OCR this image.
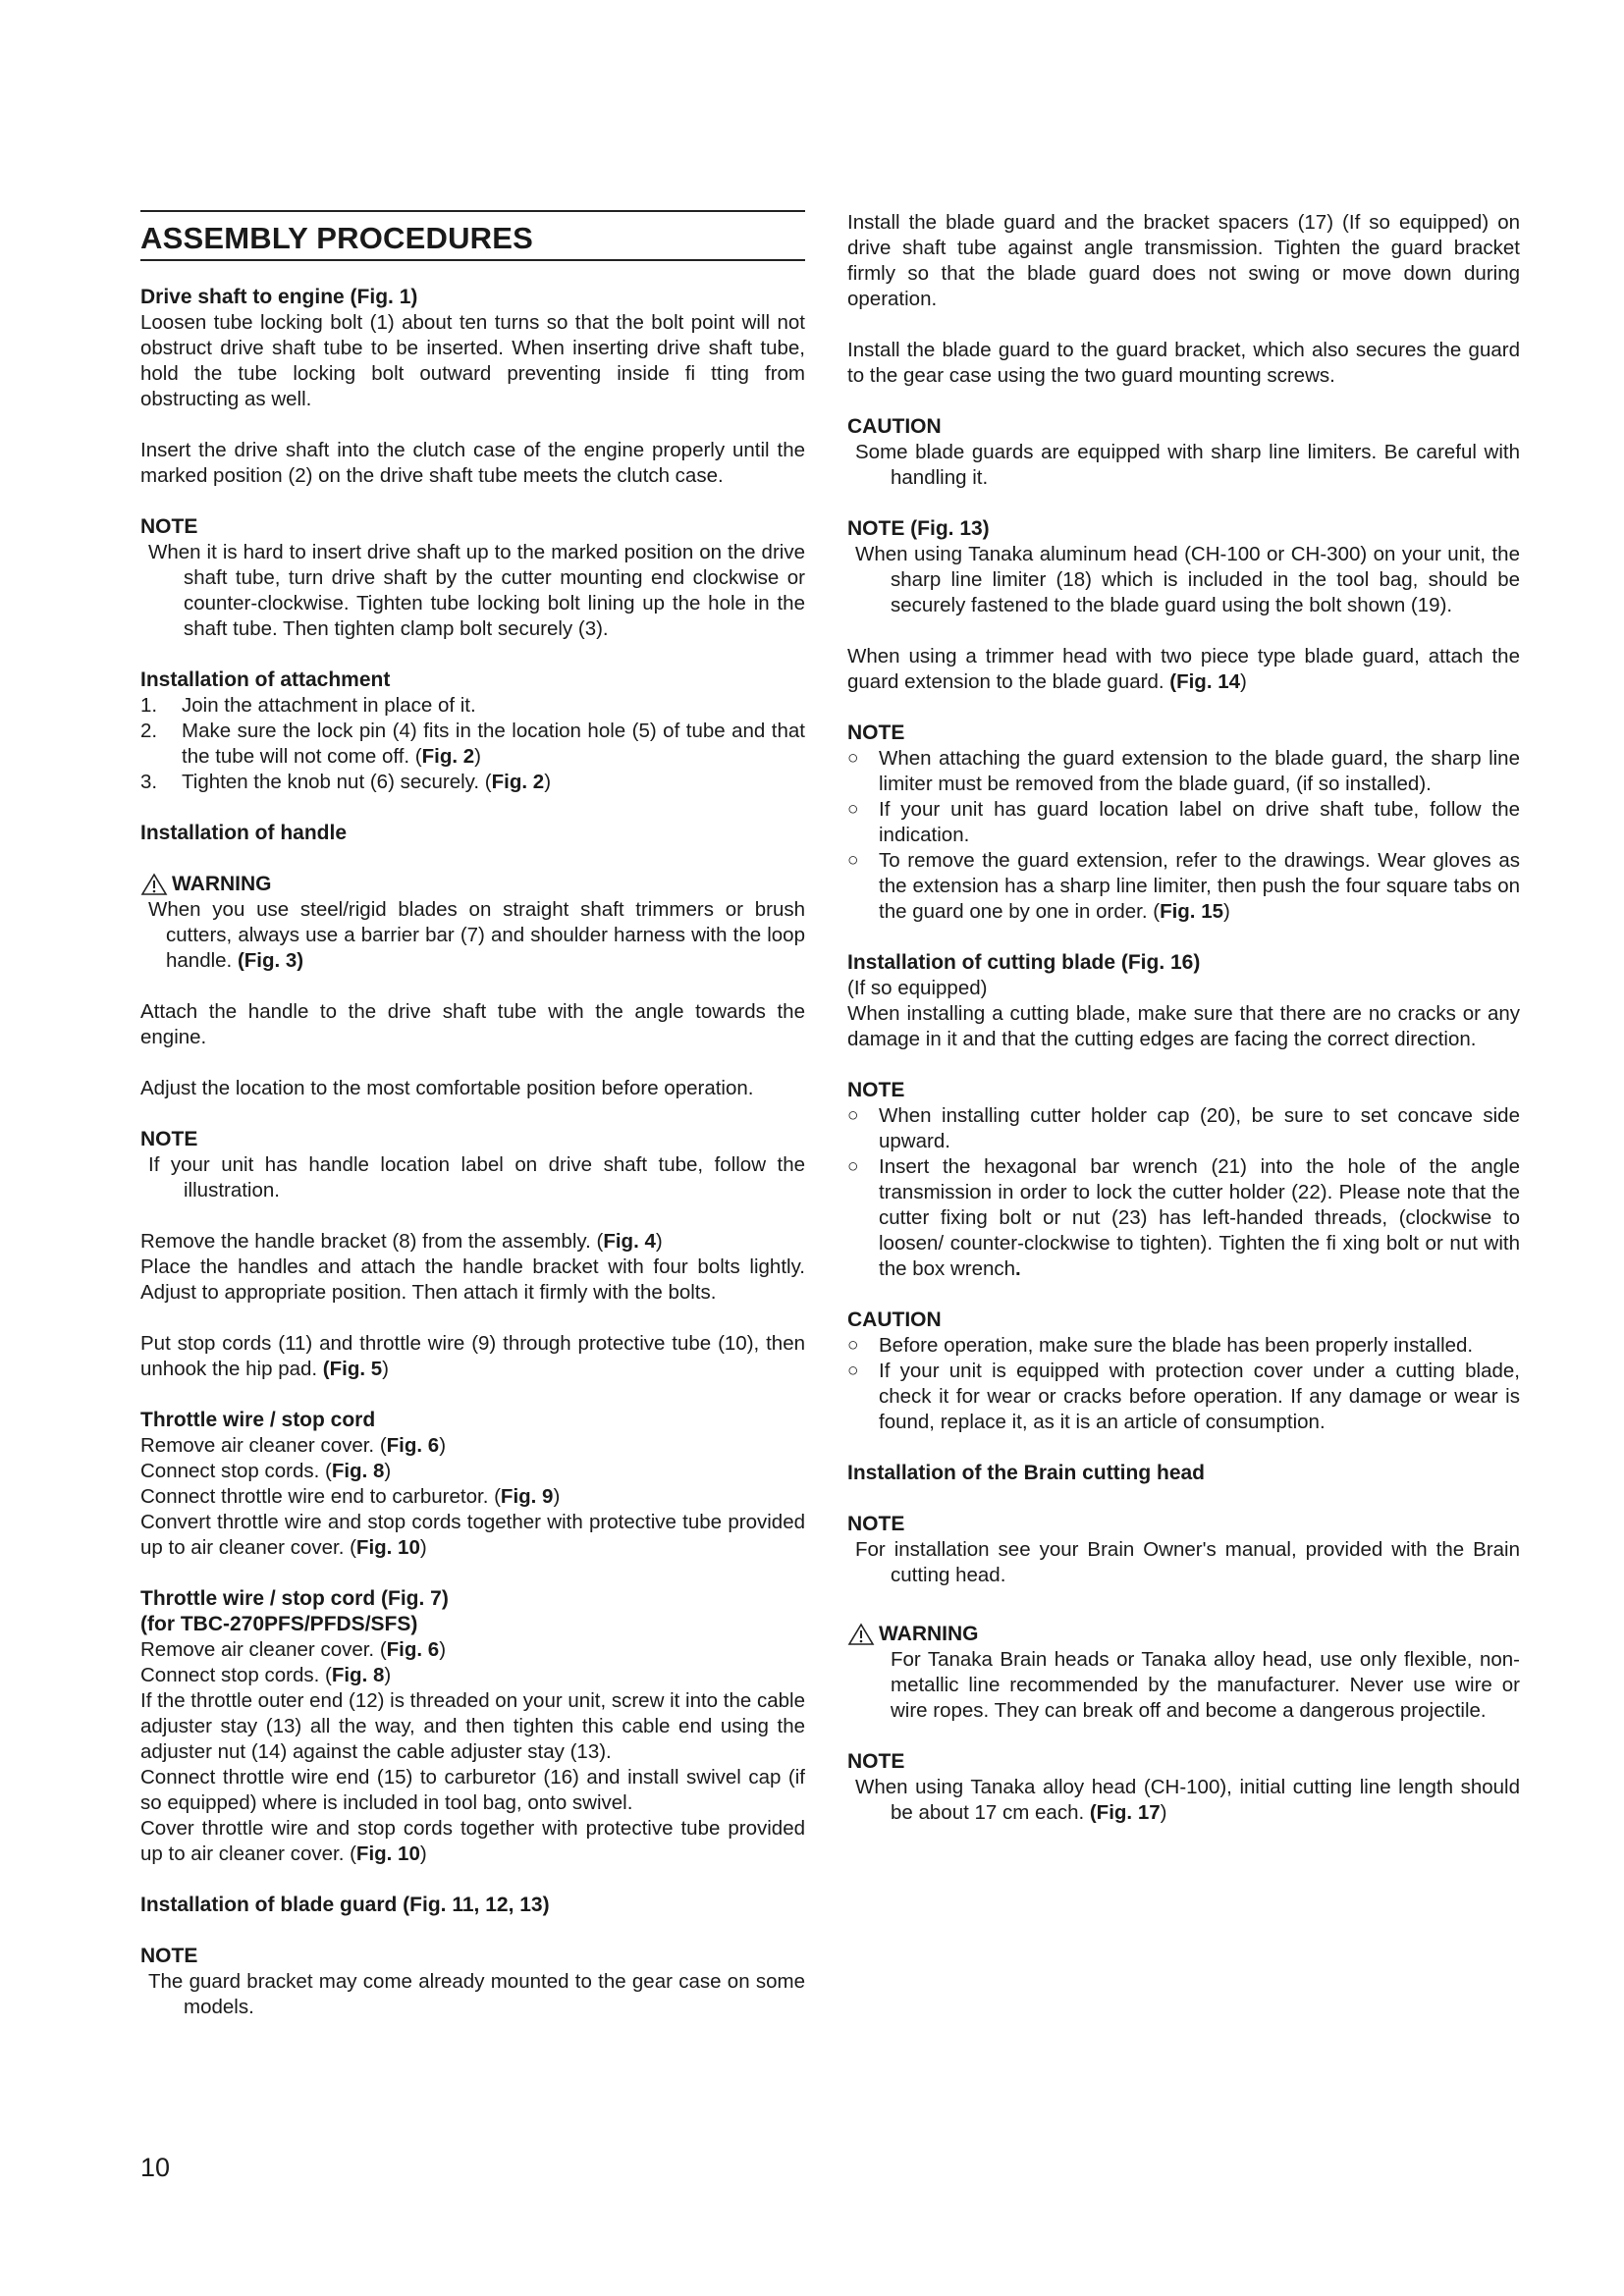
ASSEMBLY PROCEDURES
Drive shaft to engine (Fig. 1)
Loosen tube locking bolt (1) about ten turns so that the bolt point will not obstruct drive shaft tube to be inserted. When inserting drive shaft tube, hold the tube locking bolt outward preventing inside fi tting from obstructing as well.
Insert the drive shaft into the clutch case of the engine properly until the marked position (2) on the drive shaft tube meets the clutch case.
NOTE
When it is hard to insert drive shaft up to the marked position on the drive shaft tube, turn drive shaft by the cutter mounting end clockwise or counter-clockwise. Tighten tube locking bolt lining up the hole in the shaft tube. Then tighten clamp bolt securely (3).
Installation of attachment
1.	Join the attachment in place of it.
2.	Make sure the lock pin (4) fits in the location hole (5) of tube and that the tube will not come off. (Fig. 2)
3.	Tighten the knob nut (6) securely. (Fig. 2)
Installation of handle
WARNING
When you use steel/rigid blades on straight shaft trimmers or brush cutters, always use a barrier bar (7) and shoulder harness with the loop handle. (Fig. 3)
Attach the handle to the drive shaft tube with the angle towards the engine.
Adjust the location to the most comfortable position before operation.
NOTE
If your unit has handle location label on drive shaft tube, follow the illustration.
Remove the handle bracket (8) from the assembly. (Fig. 4)
Place the handles and attach the handle bracket with four bolts lightly. Adjust to appropriate position. Then attach it firmly with the bolts.
Put stop cords (11) and throttle wire (9) through protective tube (10), then unhook the hip pad. (Fig. 5)
Throttle wire / stop cord
Remove air cleaner cover. (Fig. 6)
Connect stop cords. (Fig. 8)
Connect throttle wire end to carburetor. (Fig. 9)
Convert throttle wire and stop cords together with protective tube provided up to air cleaner cover. (Fig. 10)
Throttle wire / stop cord (Fig. 7)
(for TBC-270PFS/PFDS/SFS)
Remove air cleaner cover. (Fig. 6)
Connect stop cords. (Fig. 8)
If the throttle outer end (12) is threaded on your unit, screw it into the cable adjuster stay (13) all the way, and then tighten this cable end using the adjuster nut (14) against the cable adjuster stay (13).
Connect throttle wire end (15) to carburetor (16) and install swivel cap (if so equipped) where is included in tool bag, onto swivel.
Cover throttle wire and stop cords together with protective tube provided up to air cleaner cover. (Fig. 10)
Installation of blade guard (Fig. 11, 12, 13)
NOTE
The guard bracket may come already mounted to the gear case on some models.
Install the blade guard and the bracket spacers (17) (If so equipped) on drive shaft tube against angle transmission. Tighten the guard bracket firmly so that the blade guard does not swing or move down during operation.
Install the blade guard to the guard bracket, which also secures the guard to the gear case using the two guard mounting screws.
CAUTION
Some blade guards are equipped with sharp line limiters. Be careful with handling it.
NOTE (Fig. 13)
When using Tanaka aluminum head (CH-100 or CH-300) on your unit, the sharp line limiter (18) which is included in the tool bag, should be securely fastened to the blade guard using the bolt shown (19).
When using a trimmer head with two piece type blade guard, attach the guard extension to the blade guard. (Fig. 14)
NOTE
○	When attaching the guard extension to the blade guard, the sharp line limiter must be removed from the blade guard, (if so installed).
○	If your unit has guard location label on drive shaft tube, follow the indication.
○	To remove the guard extension, refer to the drawings. Wear gloves as the extension has a sharp line limiter, then push the four square tabs on the guard one by one in order. (Fig. 15)
Installation of cutting blade (Fig. 16)
(If so equipped)
When installing a cutting blade, make sure that there are no cracks or any damage in it and that the cutting edges are facing the correct direction.
NOTE
○	When installing cutter holder cap (20), be sure to set concave side upward.
○	Insert the hexagonal bar wrench (21) into the hole of the angle transmission in order to lock the cutter holder (22). Please note that the cutter fixing bolt or nut (23) has left-handed threads, (clockwise to loosen/ counter-clockwise to tighten). Tighten the fi xing bolt or nut with the box wrench.
CAUTION
○	Before operation, make sure the blade has been properly installed.
○	If your unit is equipped with protection cover under a cutting blade, check it for wear or cracks before operation. If any damage or wear is found, replace it, as it is an article of consumption.
Installation of the Brain cutting head
NOTE
For installation see your Brain Owner's manual, provided with the Brain cutting head.
WARNING
For Tanaka Brain heads or Tanaka alloy head, use only flexible, non-metallic line recommended by the manufacturer. Never use wire or wire ropes. They can break off and become a dangerous projectile.
NOTE
When using Tanaka alloy head (CH-100), initial cutting line length should be about 17 cm each. (Fig. 17)
10
